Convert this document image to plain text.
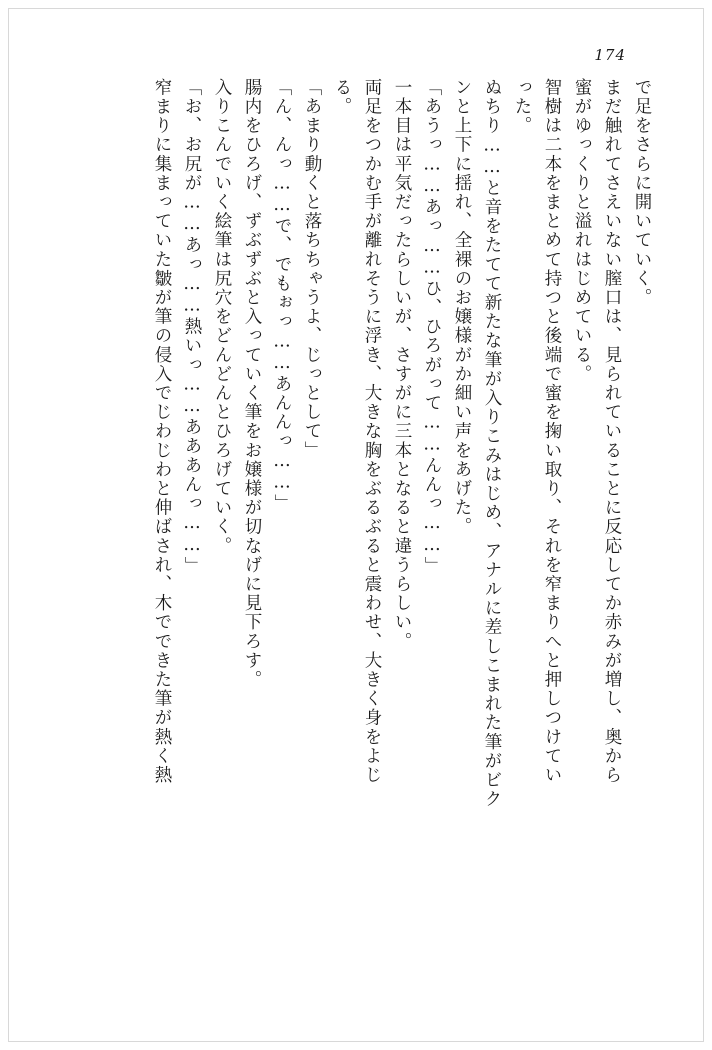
174
で足をさらに開いていく。
まだ触れてさえいない膣口は、見られていることに反応してか赤みが増し、奥から
蜜がゆっくりと溢れはじめている。
智樹は二本をまとめて持つと後端で蜜を掬い取り、それを窄まりへと押しつけてい
った。
ぬちり……と音をたてて新たな筆が入りこみはじめ、アナルに差しこまれた筆がビク
ンと上下に揺れ、全裸のお嬢様がか細い声をあげた。
「あうっ……あっ……ひ、ひろがって……んんっ……」
一本目は平気だったらしいが、さすがに三本となると違うらしい。
両足をつかむ手が離れそうに浮き、大きな胸をぶるぶると震わせ、大きく身をよじ
る。
「あまり動くと落ちちゃうよ、じっとして」
「ん、んっ……で、でもぉっ……あんんっ……」
腸内をひろげ、ずぶずぶと入っていく筆をお嬢様が切なげに見下ろす。
入りこんでいく絵筆は尻穴をどんどんとひろげていく。
「お、お尻が……あっ……熱いっ……あああんっ……」
窄まりに集まっていた皺が筆の侵入でじわじわと伸ばされ、木でできた筆が熱く熱
